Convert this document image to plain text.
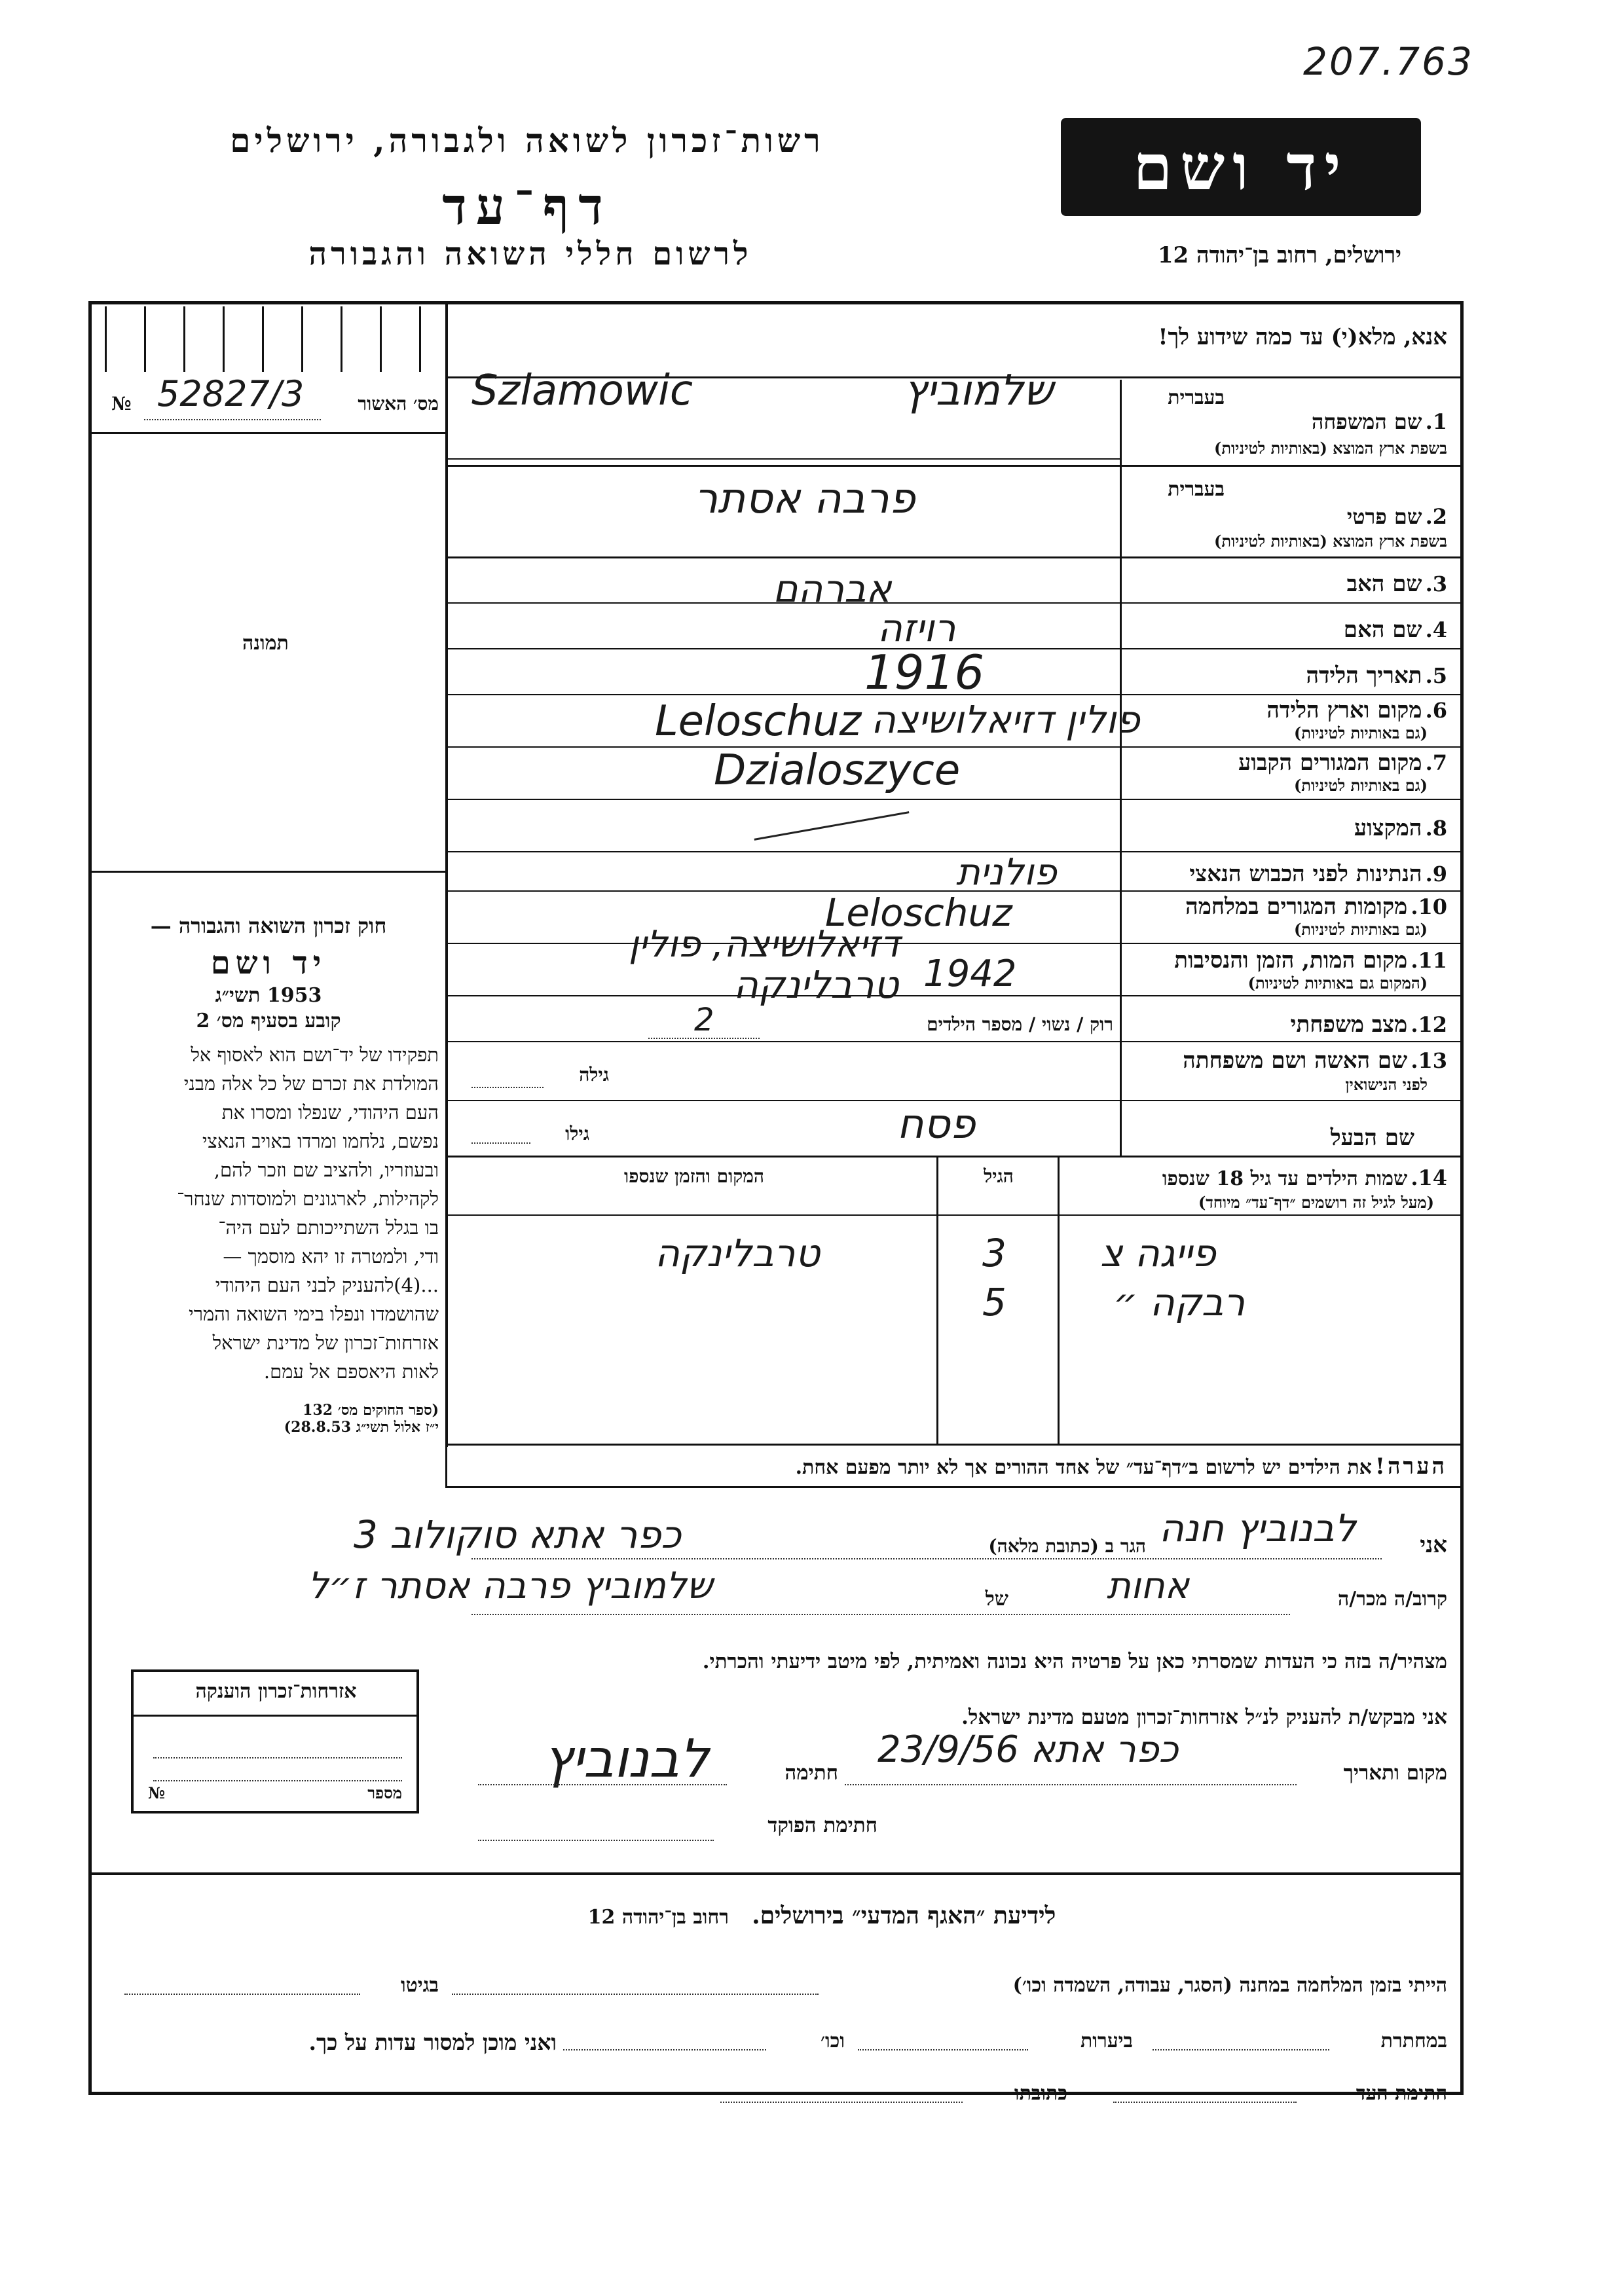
207.763
רשות־זכרון לשואה ולגבורה, ירושלים
דף־עד
לרשום חללי השואה והגבורה
יד ושם
ירושלים, רחוב בן־יהודה 12
אנא, מלא(י) עד כמה שידוע לך!
מס׳ האשור
52827/3
№
תמונה

חוק זכרון השואה והגבורה —

יד ושם

1953 תשי״ג

קובע בסעיף מס׳ 2

תפקידו של יד־ושם הוא לאסוף אל

המולדת את זכרם של כל אלה מבני

העם היהודי, שנפלו ומסרו את

נפשם, נלחמו ומרדו באויב הנאצי

ובעוזריו, ולהציב שם וזכר להם,

לקהילות, לארגונים ולמוסדות שנחר־

בו בגלל השתייכותם לעם היה־

ודי, ולמטרה זו יהא מוסמך —

...(4)להעניק לבני העם היהודי

שהושמדו ונפלו בימי השואה והמרי

אזרחות־זכרון של מדינת ישראל

לאות היאספם אל עמם.

(ספר החוקים מס׳ 132

י״ז אלול תשי״ג 28.8.53)

בעברית
1. שם המשפחה
בשפת ארץ המוצא (באותיות לטיניות)
בעברית
2. שם פרטי
בשפת ארץ המוצא (באותיות לטיניות)
3. שם האב
4. שם האם
5. תאריך הלידה
6. מקום וארץ הלידה
(גם באותיות לטיניות)
7. מקום המגורים הקבוע
(גם באותיות לטיניות)
8. המקצוע
9. הנתינות לפני הכבוש הנאצי
10. מקומות המגורים במלחמה
(גם באותיות לטיניות)
11. מקום המות, הזמן והנסיבות
(המקום גם באותיות לטיניות)
12. מצב משפחתי
13. שם האשה ושם משפחתה
לפני הנישואין
שם הבעל
Szlamowic	שלמוביץ
פרבה אסתר
אברהם
רויזה
1916
Leloschuz פולין דזיאלושיצה
Dzialoszyce
פולנית
Leloschuz
דזיאלושיצה, פולין
טרבלינקה 1942
רוק / נשוי / מספר הילדים
2
גילה
גילו	פסח
14. שמות הילדים עד גיל 18 שנספו
(מעל לגיל זה רושמים ״דף־עד״ מיוחד)
הגיל
המקום והזמן שנספו
פייגה צ
3
טרבלינקה
רבקה ״
5
הערה! את הילדים יש לרשום ב״דף־עד״ של אחד ההורים אך לא יותר מפעם אחת.
אני
לבנוביץ חנה
הגר ב (כתובת מלאה)
כפר אתא סוקולוב 3
קרוב/ה מכר/ה
אחות
של
שלמוביץ פרבה אסתר ז״ל
מצהיר/ה בזה כי העדות שמסרתי כאן על פרטיה היא נכונה ואמיתית, לפי מיטב ידיעתי והכרתי.
אני מבקש/ת להעניק לנ״ל אזרחות־זכרון מטעם מדינת ישראל.
מקום ותאריך
כפר אתא 23/9/56
חתימה
לבנוביץ
חתימת הפוקד
אזרחות־זכרון הוענקה
מספר
№
לידיעת ״האגף המדעי״ בירושלים. רחוב בן־יהודה 12
הייתי בזמן המלחמה במחנה (הסגר, עבודה, השמדה וכו׳)
בגיטו
במחתרת
ביערות
וכו׳
ואני מוכן למסור עדות על כך.
חתימת העד
כתובתו
